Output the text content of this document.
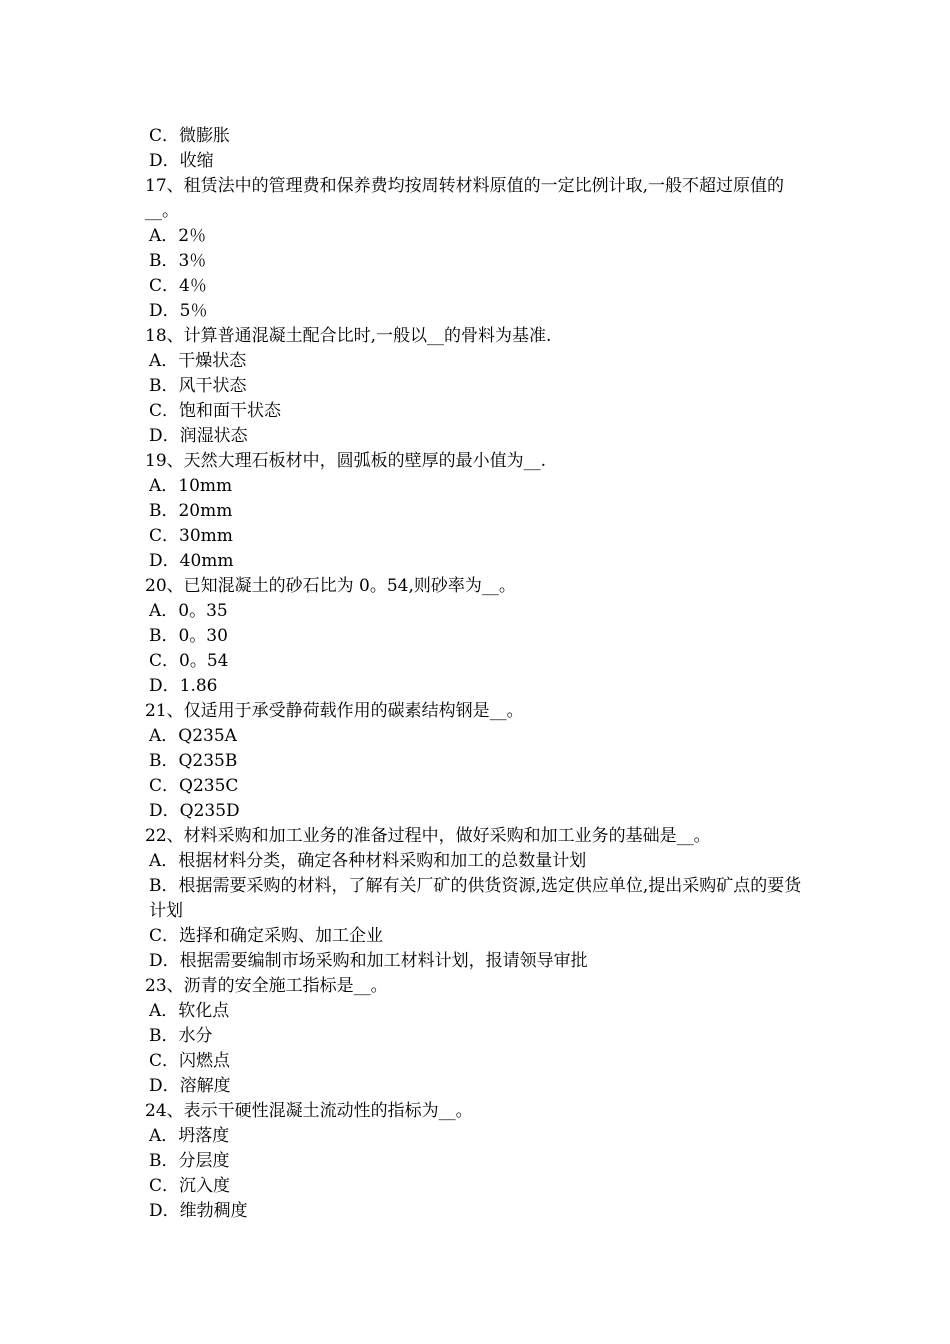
C．微膨胀
D．收缩
17、租赁法中的管理费和保养费均按周转材料原值的一定比例计取,一般不超过原值的__。
A．2％
B．3％
C．4％
D．5％
18、计算普通混凝土配合比时,一般以__的骨料为基准.
A．干燥状态
B．风干状态
C．饱和面干状态
D．润湿状态
19、天然大理石板材中，圆弧板的壁厚的最小值为__.
A．10mm
B．20mm
C．30mm
D．40mm
20、已知混凝土的砂石比为 0。54,则砂率为__。
A．0。35
B．0。30
C．0。54
D．1.86
21、仅适用于承受静荷载作用的碳素结构钢是__。
A．Q235A
B．Q235B
C．Q235C
D．Q235D
22、材料采购和加工业务的准备过程中，做好采购和加工业务的基础是__。
A．根据材料分类，确定各种材料采购和加工的总数量计划
B．根据需要采购的材料，了解有关厂矿的供货资源,选定供应单位,提出采购矿点的要货计划
C．选择和确定采购、加工企业
D．根据需要编制市场采购和加工材料计划，报请领导审批
23、沥青的安全施工指标是__。
A．软化点
B．水分
C．闪燃点
D．溶解度
24、表示干硬性混凝土流动性的指标为__。
A．坍落度
B．分层度
C．沉入度
D．维勃稠度
